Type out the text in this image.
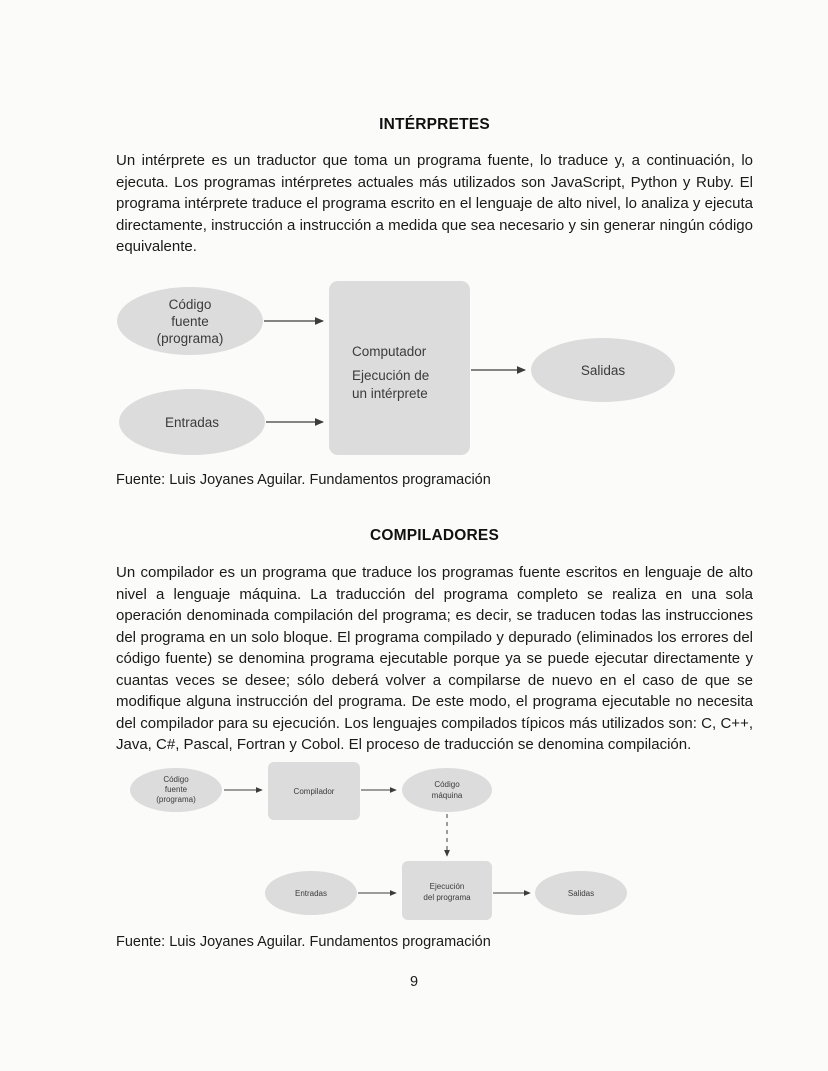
INTÉRPRETES

Un intérprete es un traductor que toma un programa fuente, lo traduce y, a continuación, lo ejecuta. Los programas intérpretes actuales más utilizados son JavaScript, Python y Ruby. El programa intérprete traduce el programa escrito en el lenguaje de alto nivel, lo analiza y ejecuta directamente, instrucción a instrucción a medida que sea necesario y sin generar ningún código equivalente.

Código
fuente
(programa)
Entradas
Computador
Ejecución de
un intérprete
Salidas

Fuente: Luis Joyanes Aguilar. Fundamentos programación

COMPILADORES

Un compilador es un programa que traduce los programas fuente escritos en lenguaje de alto nivel a lenguaje máquina. La traducción del programa completo se realiza en una sola operación denominada compilación del programa; es decir, se traducen todas las instrucciones del programa en un solo bloque. El programa compilado y depurado (eliminados los errores del código fuente) se denomina programa ejecutable porque ya se puede ejecutar directamente y cuantas veces se desee; sólo deberá volver a compilarse de nuevo en el caso de que se modifique alguna instrucción del programa. De este modo, el programa ejecutable no necesita del compilador para su ejecución. Los lenguajes compilados típicos más utilizados son: C, C++, Java, C#, Pascal, Fortran y Cobol. El proceso de traducción se denomina compilación.

Código
fuente
(programa)
Compilador
Código
máquina
Entradas
Ejecución
del programa	Salidas

Fuente: Luis Joyanes Aguilar. Fundamentos programación

9
